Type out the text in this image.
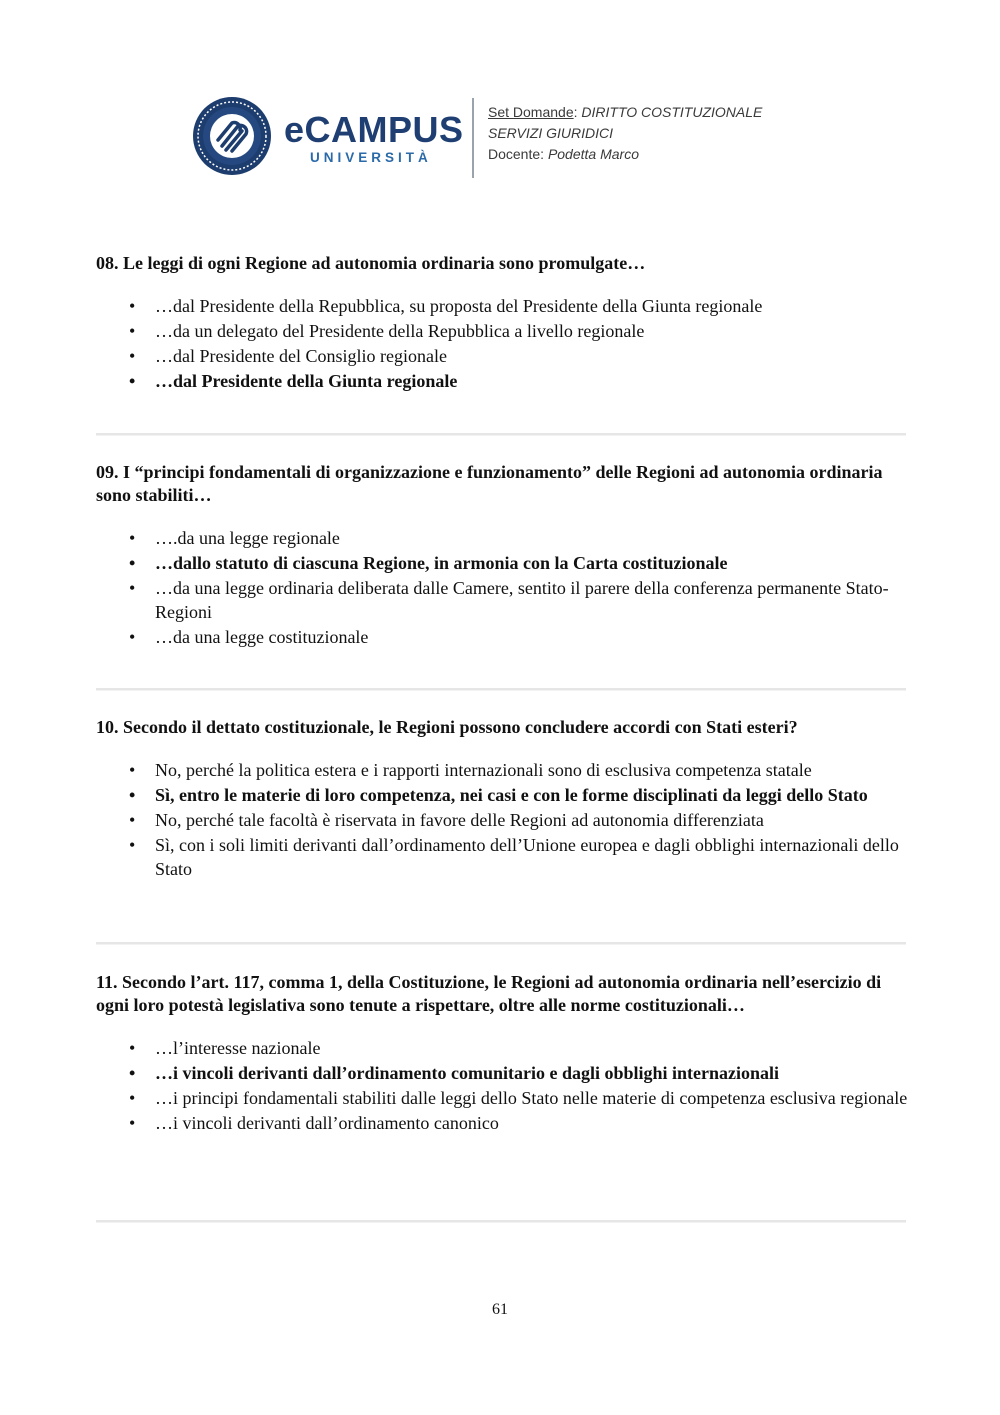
eCAMPUS
UNIVERSITÀ
Set Domande: DIRITTO COSTITUZIONALE
SERVIZI GIURIDICI
Docente: Podetta Marco

08. Le leggi di ogni Regione ad autonomia ordinaria sono promulgate…

• …dal Presidente della Repubblica, su proposta del Presidente della Giunta regionale
• …da un delegato del Presidente della Repubblica a livello regionale
• …dal Presidente del Consiglio regionale
• …dal Presidente della Giunta regionale

09. I “principi fondamentali di organizzazione e funzionamento” delle Regioni ad autonomia ordinaria sono stabiliti…

• ….da una legge regionale
• …dallo statuto di ciascuna Regione, in armonia con la Carta costituzionale
• …da una legge ordinaria deliberata dalle Camere, sentito il parere della conferenza permanente Stato-Regioni
• …da una legge costituzionale

10. Secondo il dettato costituzionale, le Regioni possono concludere accordi con Stati esteri?

• No, perché la politica estera e i rapporti internazionali sono di esclusiva competenza statale
• Sì, entro le materie di loro competenza, nei casi e con le forme disciplinati da leggi dello Stato
• No, perché tale facoltà è riservata in favore delle Regioni ad autonomia differenziata
• Sì, con i soli limiti derivanti dall’ordinamento dell’Unione europea e dagli obblighi internazionali dello Stato

11. Secondo l’art. 117, comma 1, della Costituzione, le Regioni ad autonomia ordinaria nell’esercizio di ogni loro potestà legislativa sono tenute a rispettare, oltre alle norme costituzionali…

• …l’interesse nazionale
• …i vincoli derivanti dall’ordinamento comunitario e dagli obblighi internazionali
• …i principi fondamentali stabiliti dalle leggi dello Stato nelle materie di competenza esclusiva regionale
• …i vincoli derivanti dall’ordinamento canonico
61
